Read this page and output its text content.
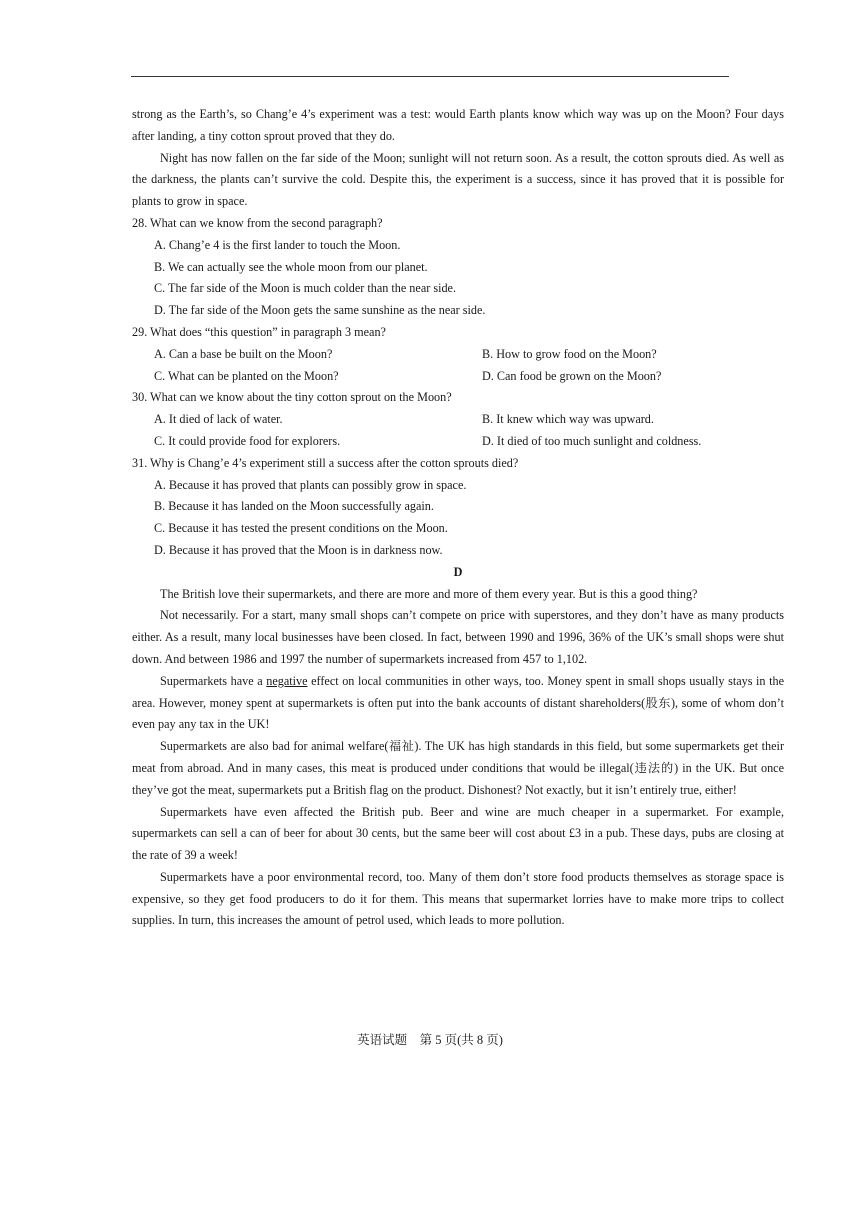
strong as the Earth’s, so Chang’e 4’s experiment was a test: would Earth plants know which way was up on the Moon? Four days after landing, a tiny cotton sprout proved that they do.

Night has now fallen on the far side of the Moon; sunlight will not return soon. As a result, the cotton sprouts died. As well as the darkness, the plants can’t survive the cold. Despite this, the experiment is a success, since it has proved that it is possible for plants to grow in space.

28. What can we know from the second paragraph?

A. Chang’e 4 is the first lander to touch the Moon.

B. We can actually see the whole moon from our planet.

C. The far side of the Moon is much colder than the near side.

D. The far side of the Moon gets the same sunshine as the near side.

29. What does “this question” in paragraph 3 mean?

A. Can a base be built on the Moon?	B. How to grow food on the Moon?
C. What can be planted on the Moon?	D. Can food be grown on the Moon?

30. What can we know about the tiny cotton sprout on the Moon?

A. It died of lack of water.	B. It knew which way was upward.
C. It could provide food for explorers.	D. It died of too much sunlight and coldness.

31. Why is Chang’e 4’s experiment still a success after the cotton sprouts died?

A. Because it has proved that plants can possibly grow in space.

B. Because it has landed on the Moon successfully again.

C. Because it has tested the present conditions on the Moon.

D. Because it has proved that the Moon is in darkness now.

D

The British love their supermarkets, and there are more and more of them every year. But is this a good thing?

Not necessarily. For a start, many small shops can’t compete on price with superstores, and they don’t have as many products either. As a result, many local businesses have been closed. In fact, between 1990 and 1996, 36% of the UK’s small shops were shut down. And between 1986 and 1997 the number of supermarkets increased from 457 to 1,102.

Supermarkets have a negative effect on local communities in other ways, too. Money spent in small shops usually stays in the area. However, money spent at supermarkets is often put into the bank accounts of distant shareholders(股东), some of whom don’t even pay any tax in the UK!

Supermarkets are also bad for animal welfare(福祉). The UK has high standards in this field, but some supermarkets get their meat from abroad. And in many cases, this meat is produced under conditions that would be illegal(违法的) in the UK. But once they’ve got the meat, supermarkets put a British flag on the product. Dishonest? Not exactly, but it isn’t entirely true, either!

Supermarkets have even affected the British pub. Beer and wine are much cheaper in a supermarket. For example, supermarkets can sell a can of beer for about 30 cents, but the same beer will cost about £3 in a pub. These days, pubs are closing at the rate of 39 a week!

Supermarkets have a poor environmental record, too. Many of them don’t store food products themselves as storage space is expensive, so they get food producers to do it for them. This means that supermarket lorries have to make more trips to collect supplies. In turn, this increases the amount of petrol used, which leads to more pollution.

英语试题　第 5 页(共 8 页)
